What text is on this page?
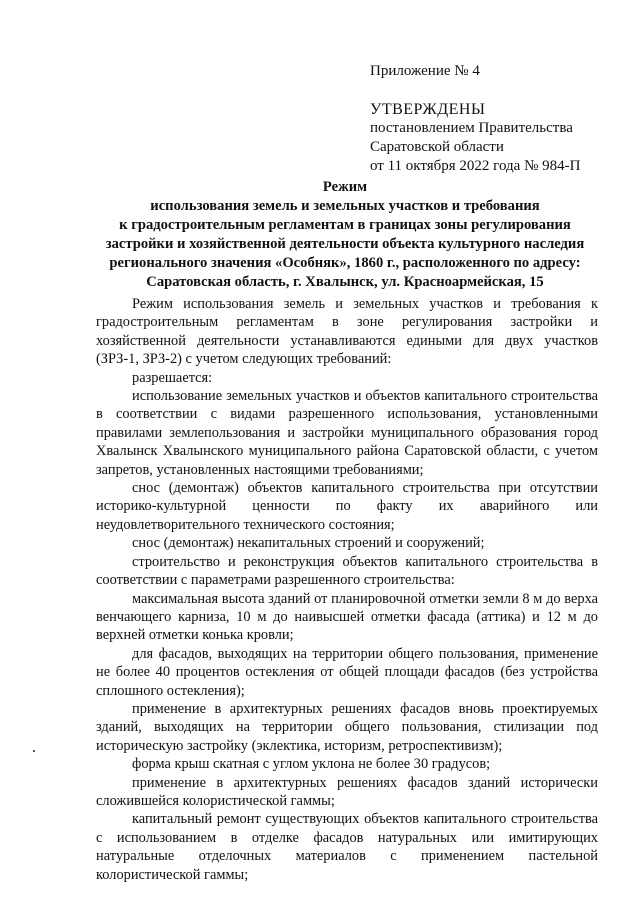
Приложение № 4
УТВЕРЖДЕНЫ
постановлением Правительства
Саратовской области
от 11 октября 2022 года № 984-П
Режим
использования земель и земельных участков и требования
к градостроительным регламентам в границах зоны регулирования
застройки и хозяйственной деятельности объекта культурного наследия
регионального значения «Особняк», 1860 г., расположенного по адресу:
Саратовская область, г. Хвалынск, ул. Красноармейская, 15

Режим использования земель и земельных участков и требования к градостроительным регламентам в зоне регулирования застройки и хозяйственной деятельности устанавливаются едиными для двух участков (ЗРЗ-1, ЗРЗ-2) с учетом следующих требований:

разрешается:

использование земельных участков и объектов капитального строительства в соответствии с видами разрешенного использования, установленными правилами землепользования и застройки муниципального образования город Хвалынск Хвалынского муниципального района Саратовской области, с учетом запретов, установленных настоящими требованиями;

снос (демонтаж) объектов капитального строительства при отсутствии историко-культурной ценности по факту их аварийного или неудовлетворительного технического состояния;

снос (демонтаж) некапитальных строений и сооружений;

строительство и реконструкция объектов капитального строительства в соответствии с параметрами разрешенного строительства:

максимальная высота зданий от планировочной отметки земли 8 м до верха венчающего карниза, 10 м до наивысшей отметки фасада (аттика) и 12 м до верхней отметки конька кровли;

для фасадов, выходящих на территории общего пользования, применение не более 40 процентов остекления от общей площади фасадов (без устройства сплошного остекления);

применение в архитектурных решениях фасадов вновь проектируемых зданий, выходящих на территории общего пользования, стилизации под историческую застройку (эклектика, историзм, ретроспективизм);

форма крыш скатная с углом уклона не более 30 градусов;

применение в архитектурных решениях фасадов зданий исторически сложившейся колористической гаммы;

капитальный ремонт существующих объектов капитального строительства с использованием в отделке фасадов натуральных или имитирующих натуральные отделочных материалов с применением пастельной колористической гаммы;
